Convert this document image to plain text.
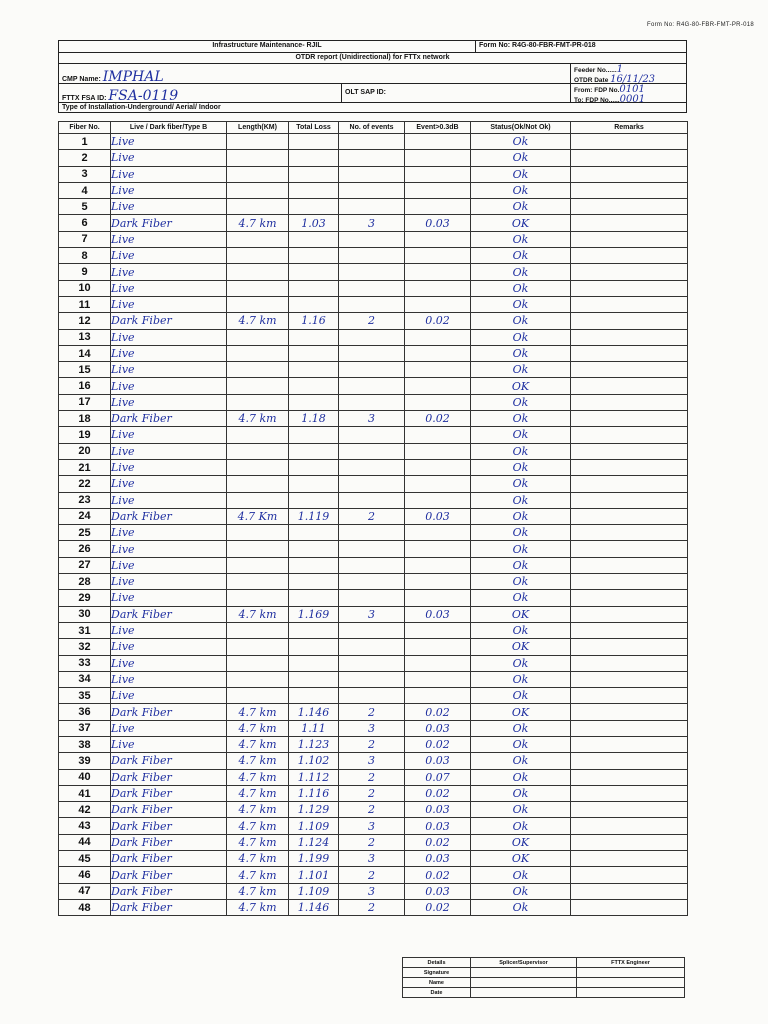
Form No: R4G-80-FBR-FMT-PR-018
Infrastructure Maintenance- RJIL	Form No: R4G-80-FBR-FMT-PR-018
OTDR report (Unidirectional) for FTTx network
CMP Name: IMPHAL	Feeder No......1
OTDR Date 16/11/23
FTTX FSA ID: FSA-0119	OLT SAP ID:	From: FDP No.0101
To: FDP No......0001
Type of Installation-Underground/ Aerial/ Indoor
Fiber No.	Live / Dark fiber/Type B	Length(KM)	Total Loss	No. of events	Event>0.3dB	Status(Ok/Not Ok)	Remarks
1	Live					Ok	
2	Live					Ok	
3	Live					Ok	
4	Live					Ok	
5	Live					Ok	
6	Dark Fiber	4.7 km	1.03	3	0.03	OK	
7	Live					Ok	
8	Live					Ok	
9	Live					Ok	
10	Live					Ok	
11	Live					Ok	
12	Dark Fiber	4.7 km	1.16	2	0.02	Ok	
13	Live					Ok	
14	Live					Ok	
15	Live					Ok	
16	Live					OK	
17	Live					Ok	
18	Dark Fiber	4.7 km	1.18	3	0.02	Ok	
19	Live					Ok	
20	Live					Ok	
21	Live					Ok	
22	Live					Ok	
23	Live					Ok	
24	Dark Fiber	4.7 Km	1.119	2	0.03	Ok	
25	Live					Ok	
26	Live					Ok	
27	Live					Ok	
28	Live					Ok	
29	Live					Ok	
30	Dark Fiber	4.7 km	1.169	3	0.03	OK	
31	Live					Ok	
32	Live					OK	
33	Live					Ok	
34	Live					Ok	
35	Live					Ok	
36	Dark Fiber	4.7 km	1.146	2	0.02	OK	
37	Live	4.7 km	1.11	3	0.03	Ok	
38	Live	4.7 km	1.123	2	0.02	Ok	
39	Dark Fiber	4.7 km	1.102	3	0.03	Ok	
40	Dark Fiber	4.7 km	1.112	2	0.07	Ok	
41	Dark Fiber	4.7 km	1.116	2	0.02	Ok	
42	Dark Fiber	4.7 km	1.129	2	0.03	Ok	
43	Dark Fiber	4.7 km	1.109	3	0.03	Ok	
44	Dark Fiber	4.7 km	1.124	2	0.02	OK	
45	Dark Fiber	4.7 km	1.199	3	0.03	OK	
46	Dark Fiber	4.7 km	1.101	2	0.02	Ok	
47	Dark Fiber	4.7 km	1.109	3	0.03	Ok	
48	Dark Fiber	4.7 km	1.146	2	0.02	Ok	
Details	Splicer/Supervisor	FTTX Engineer
Signature		
Name		
Date		
